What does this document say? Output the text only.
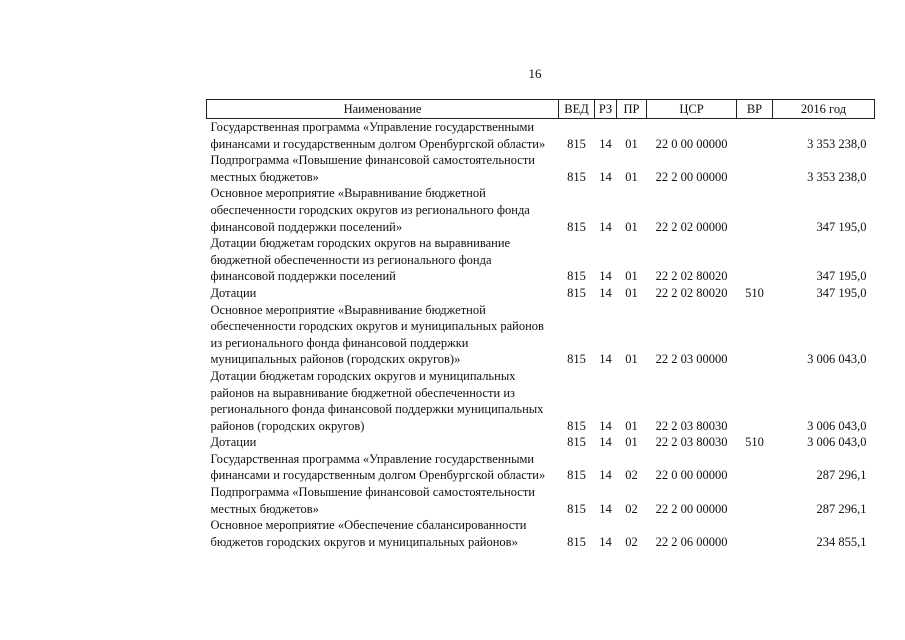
16
Наименование	ВЕД	РЗ	ПР	ЦСР	ВР	2016 год
Государственная программа «Управление государственными финансами и государственным долгом Оренбургской области»	815	14	01	22 0 00 00000		3 353 238,0
Подпрограмма «Повышение финансовой самостоятельности местных бюджетов»	815	14	01	22 2 00 00000		3 353 238,0
Основное мероприятие «Выравнивание бюджетной обеспеченности городских округов из регионального фонда финансовой поддержки поселений»	815	14	01	22 2 02 00000		347 195,0
Дотации бюджетам городских округов на выравнивание бюджетной обеспеченности из регионального фонда финансовой поддержки поселений	815	14	01	22 2 02 80020		347 195,0
Дотации	815	14	01	22 2 02 80020	510	347 195,0
Основное мероприятие «Выравнивание бюджетной обеспеченности городских округов и муниципальных районов из регионального фонда финансовой поддержки муниципальных районов (городских округов)»	815	14	01	22 2 03 00000		3 006 043,0
Дотации бюджетам городских округов и муниципальных районов на выравнивание бюджетной обеспеченности из регионального фонда финансовой поддержки муниципальных районов (городских округов)	815	14	01	22 2 03 80030		3 006 043,0
Дотации	815	14	01	22 2 03 80030	510	3 006 043,0
Государственная программа «Управление государственными финансами и государственным долгом Оренбургской области»	815	14	02	22 0 00 00000		287 296,1
Подпрограмма «Повышение финансовой самостоятельности местных бюджетов»	815	14	02	22 2 00 00000		287 296,1
Основное мероприятие «Обеспечение сбалансированности бюджетов городских округов и муниципальных районов»	815	14	02	22 2 06 00000		234 855,1
